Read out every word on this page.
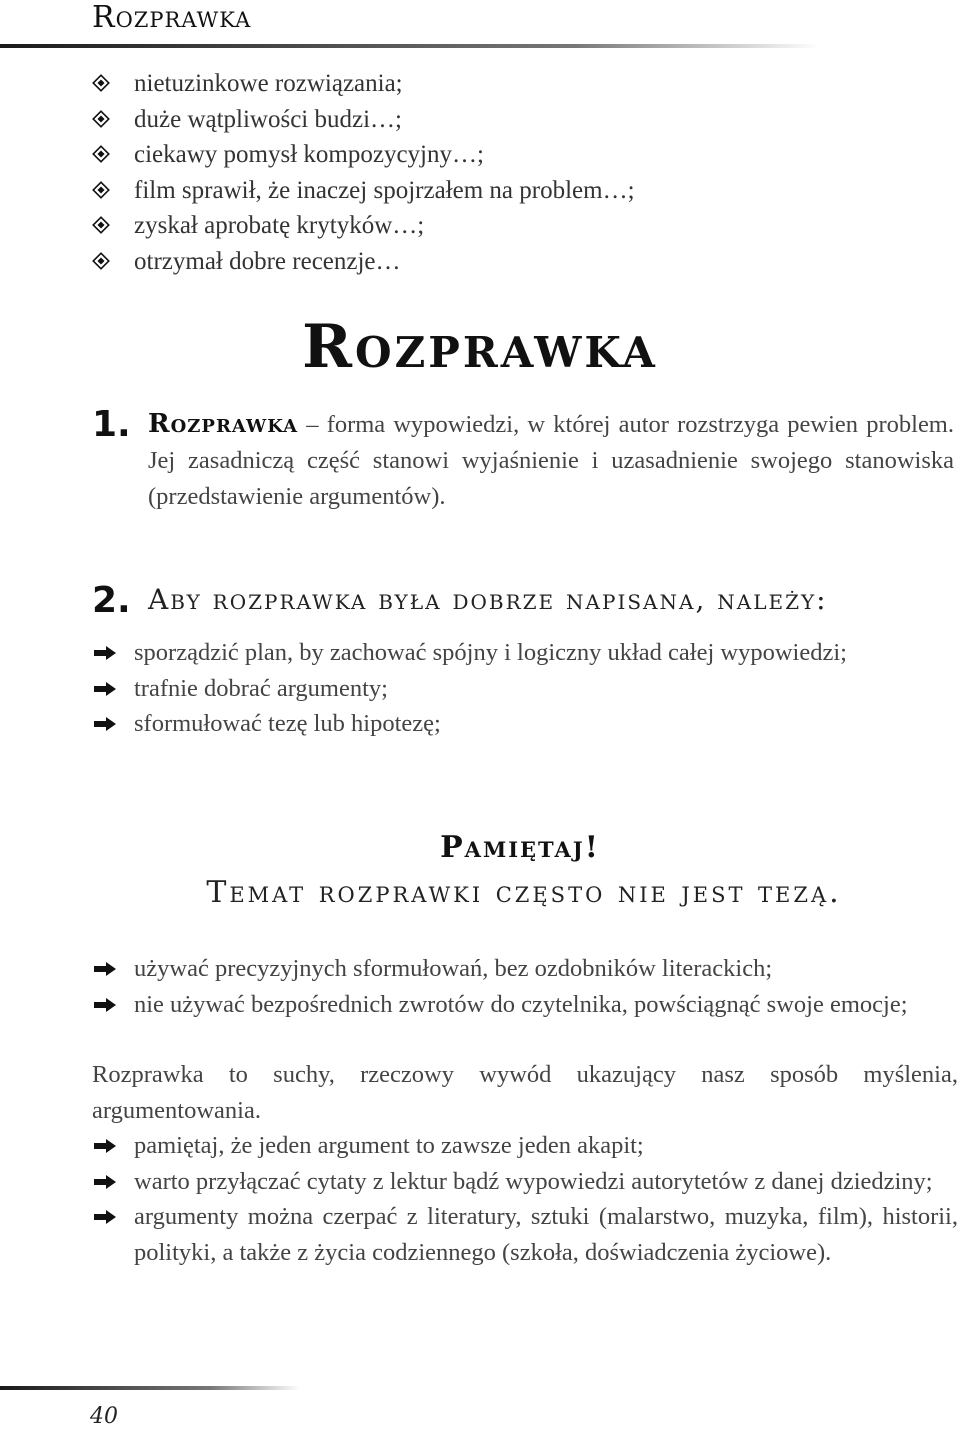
Rozprawka
nietuzinkowe rozwiązania;
duże wątpliwości budzi…;
ciekawy pomysł kompozycyjny…;
film sprawił, że inaczej spojrzałem na problem…;
zyskał aprobatę krytyków…;
otrzymał dobre recenzje…
Rozprawka
1. Rozprawka – forma wypowiedzi, w której autor rozstrzyga pewien problem. Jej zasadniczą część stanowi wyjaśnienie i uzasadnienie swojego stanowiska (przedstawienie argumentów).
2. Aby rozprawka była dobrze napisana, należy:
sporządzić plan, by zachować spójny i logiczny układ całej wypowiedzi;
trafnie dobrać argumenty;
sformułować tezę lub hipotezę;
Pamiętaj!
Temat rozprawki często nie jest tezą.
używać precyzyjnych sformułowań, bez ozdobników literackich;
nie używać bezpośrednich zwrotów do czytelnika, powściągnąć swoje emocje;
Rozprawka to suchy, rzeczowy wywód ukazujący nasz sposób myślenia, argumentowania.
pamiętaj, że jeden argument to zawsze jeden akapit;
warto przyłączać cytaty z lektur bądź wypowiedzi autorytetów z danej dziedziny;
argumenty można czerpać z literatury, sztuki (malarstwo, muzyka, film), historii, polityki, a także z życia codziennego (szkoła, doświadczenia życiowe).
40
